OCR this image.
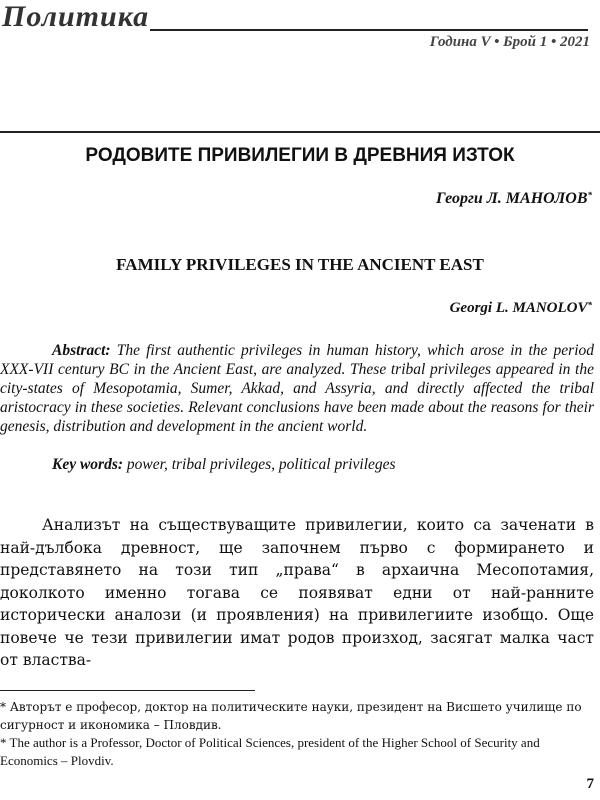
Политика
Година V • Брой 1 • 2021
РОДОВИТЕ ПРИВИЛЕГИИ В ДРЕВНИЯ ИЗТОК
Георги Л. МАНОЛОВ*
FAMILY PRIVILEGES IN THE ANCIENT EAST
Georgi L. MANOLOV*

Abstract: The first authentic privileges in human history, which arose in the period XXX-VII century BC in the Ancient East, are analyzed. These tribal privileges appeared in the city-states of Mesopotamia, Sumer, Akkad, and Assyria, and directly affected the tribal aristocracy in these societies. Relevant conclusions have been made about the reasons for their genesis, distribution and development in the ancient world.

Key words: power, tribal privileges, political privileges

Анализът на съществуващите привилегии, които са заченати в най-дълбока древност, ще започнем първо с формирането и представянето на този тип „права“ в архаична Месопотамия, доколкото именно тогава се появяват едни от най-ранните исторически аналози (и проявления) на привилегиите изобщо. Още повече че тези привилегии имат родов произход, засягат малка част от властва-

* Авторът е професор, доктор на политическите науки, президент на Висшето училище по сигурност и икономика – Пловдив.

* The author is a Professor, Doctor of Political Sciences, president of the Higher School of Security and Economics – Plovdiv.

7
